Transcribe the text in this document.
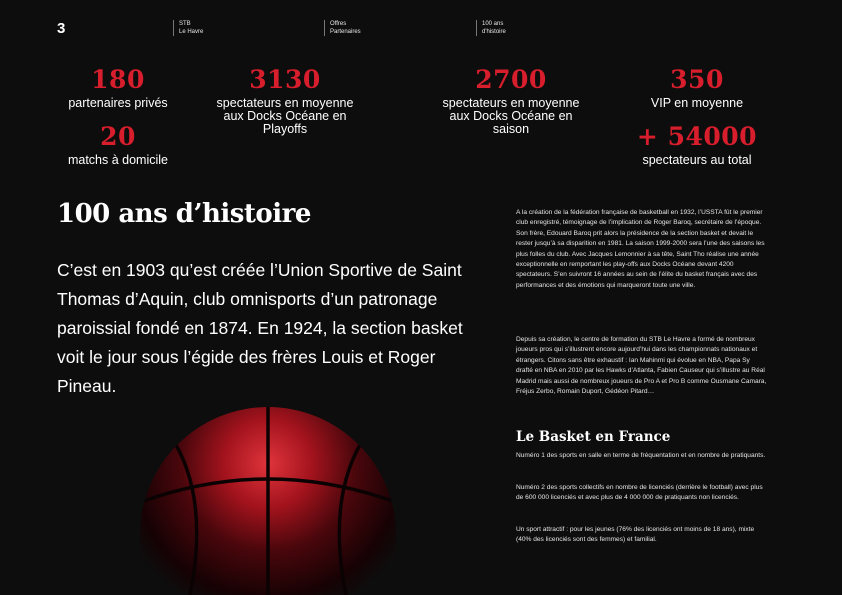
3	STB
Le Havre
Offres
Partenaires
100 ans
d'histoire
180
partenaires privés
20
matchs à domicile
3130
spectateurs en moyenne aux Docks Océane en Playoffs
2700
spectateurs en moyenne aux Docks Océane en saison
350
VIP en moyenne
+ 54000
spectateurs au total
100 ans d’histoire
C’est en 1903 qu’est créée l’Union Sportive de Saint Thomas d’Aquin, club omnisports d’un patronage paroissial fondé en 1874. En 1924, la section basket voit le jour sous l’égide des frères Louis et Roger Pineau.
A la création de la fédération française de basketball en 1932, l’USSTA fût le premier club enregistré, témoignage de l’implication de Roger Baroq, secrétaire de l’époque. Son frère, Edouard Baroq prit alors la présidence de la section basket et devait le rester jusqu’à sa disparition en 1981. La saison 1999-2000 sera l’une des saisons les plus folles du club. Avec Jacques Lemonnier à sa tête, Saint Tho réalise une année exceptionnelle en remportant les play-offs aux Docks Océane devant 4200 spectateurs. S’en suivront 16 années au sein de l’élite du basket français avec des performances et des émotions qui marqueront toute une ville.
Depuis sa création, le centre de formation du STB Le Havre a formé de nombreux joueurs pros qui s’illustrent encore aujourd’hui dans les championnats nationaux et étrangers. Citons sans être exhaustif : Ian Mahinmi qui évolue en NBA, Papa Sy drafté en NBA en 2010 par les Hawks d’Atlanta, Fabien Causeur qui s’illustre au Réal Madrid mais aussi de nombreux joueurs de Pro A et Pro B comme Ousmane Camara, Fréjus Zerbo, Romain Duport, Gédéon Pitard…
Le Basket en France
Numéro 1 des sports en salle en terme de fréquentation et en nombre de pratiquants.
Numéro 2 des sports collectifs en nombre de licenciés (derrière le football) avec plus de 600 000 licenciés et avec plus de 4 000 000 de pratiquants non licenciés.
Un sport attractif : pour les jeunes (76% des licenciés ont moins de 18 ans), mixte (40% des licenciés sont des femmes) et familial.
